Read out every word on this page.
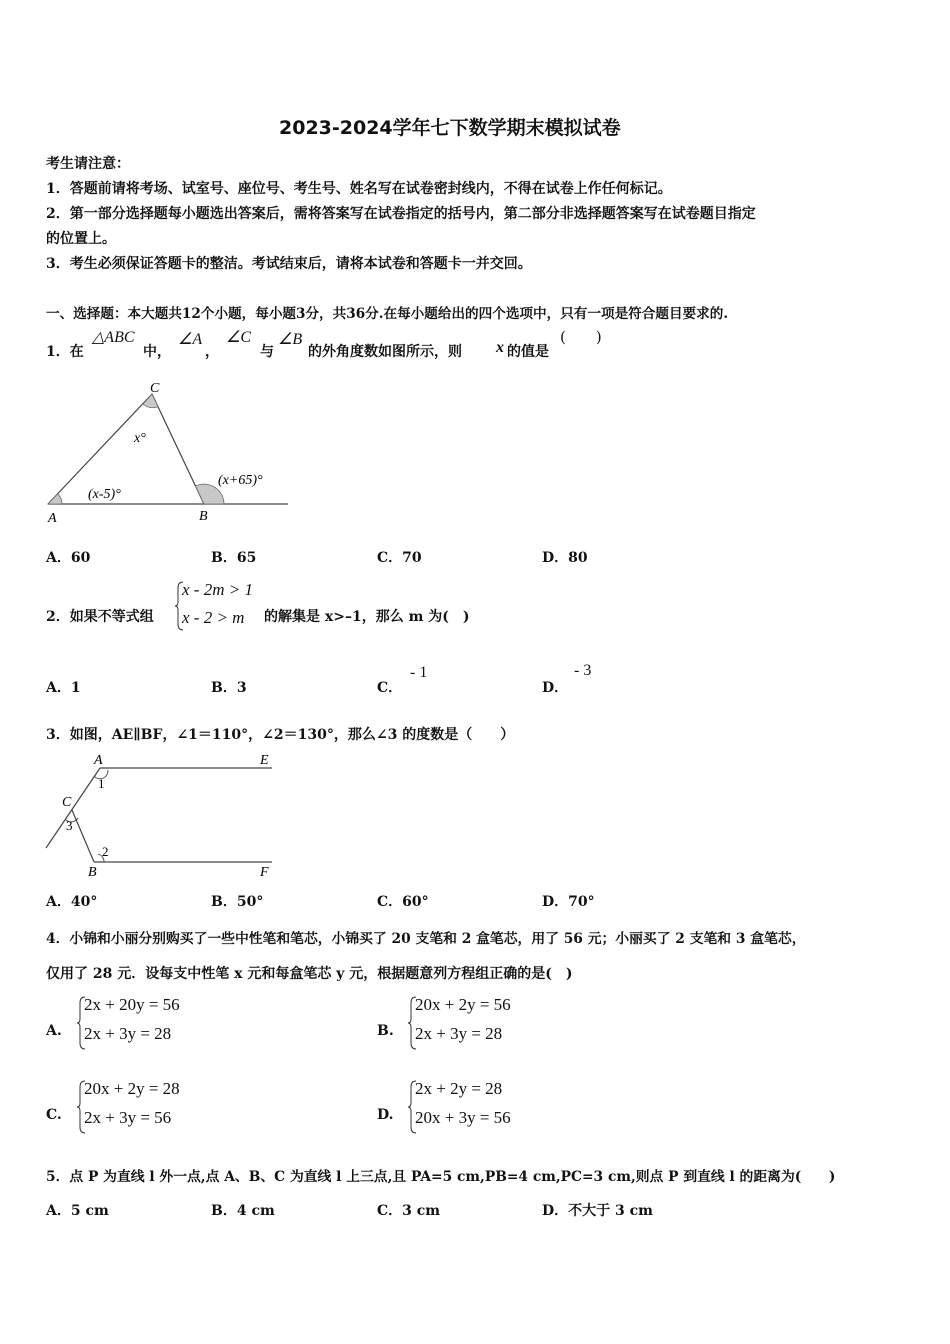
2023-2024学年七下数学期末模拟试卷
考生请注意：
1．答题前请将考场、试室号、座位号、考生号、姓名写在试卷密封线内，不得在试卷上作任何标记。
2．第一部分选择题每小题选出答案后，需将答案写在试卷指定的括号内，第二部分非选择题答案写在试卷题目指定
的位置上。
3．考生必须保证答题卡的整洁。考试结束后，请将本试卷和答题卡一并交回。
一、选择题：本大题共12个小题，每小题3分，共36分.在每小题给出的四个选项中，只有一项是符合题目要求的.
1．在
△ABC
中，
∠A
，
∠C
与
∠B
的外角度数如图所示，则 x 的值是
(　　)
C
A	B
x°
(x-5)°
(x+65)°
A．60	B．65	C．70	D．80
2．如果不等式组
x - 2m > 1
x - 2 > m 的解集是 x>–1，那么 m 为(　)
A．1	B．3	C．
- 1
D．
- 3
3．如图，AE∥BF，∠1＝110°，∠2＝130°，那么∠3 的度数是（　　）
A	E
C
B	F
1
2
3
A．40°	B．50°	C．60°	D．70°
4．小锦和小丽分别购买了一些中性笔和笔芯，小锦买了 20 支笔和 2 盒笔芯，用了 56 元；小丽买了 2 支笔和 3 盒笔芯，
仅用了 28 元．设每支中性笔 x 元和每盒笔芯 y 元，根据题意列方程组正确的是(　)
A.
2x + 20y = 56
2x + 3y = 28	B.
20x + 2y = 56
2x + 3y = 28
C.
20x + 2y = 28
2x + 3y = 56	D.
2x + 2y = 28
20x + 3y = 56
5．点 P 为直线 l 外一点,点 A、B、C 为直线 l 上三点,且 PA=5 cm,PB=4 cm,PC=3 cm,则点 P 到直线 l 的距离为(　　)
A．5 cm	B．4 cm	C．3 cm	D．不大于 3 cm
